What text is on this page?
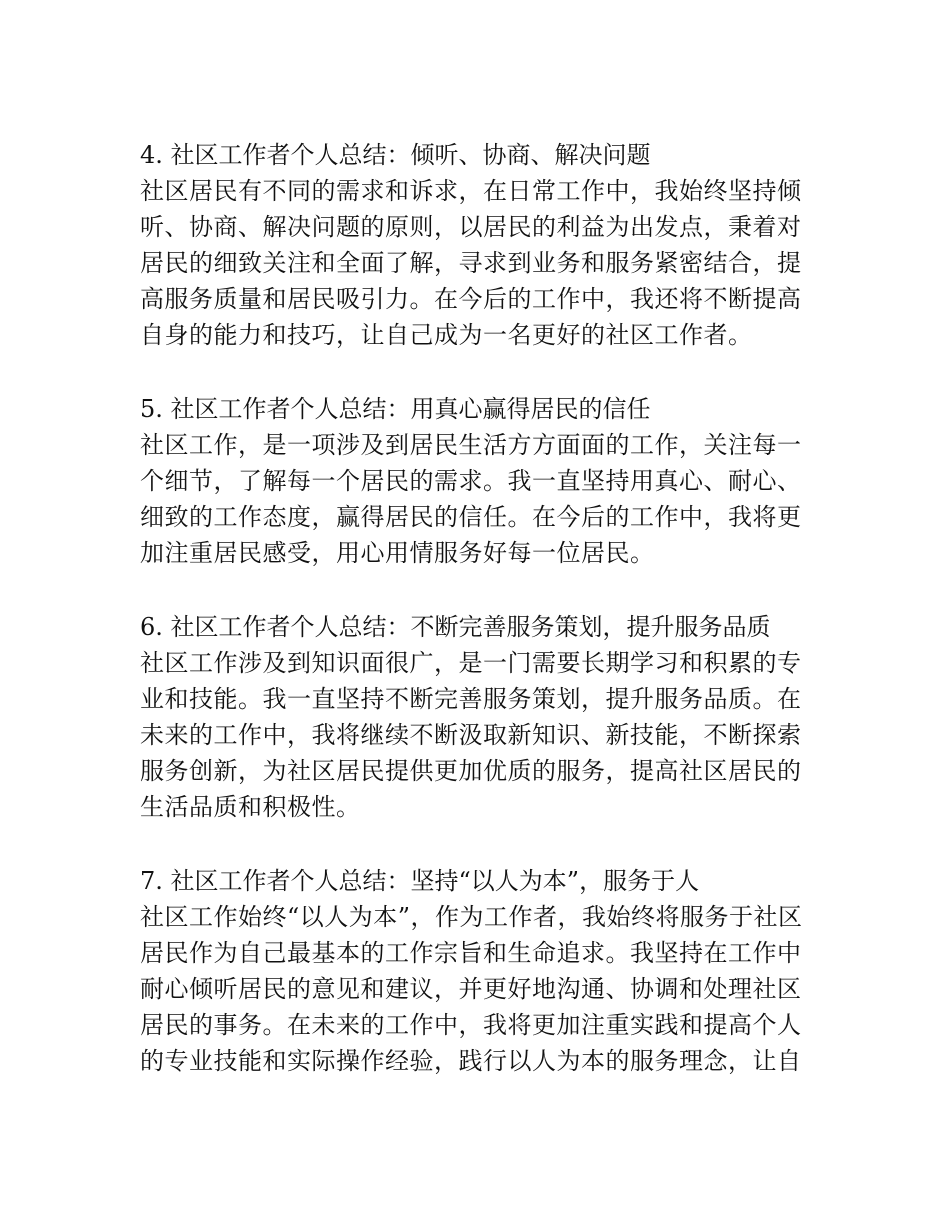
4. 社区工作者个人总结：倾听、协商、解决问题
社区居民有不同的需求和诉求，在日常工作中，我始终坚持倾
听、协商、解决问题的原则，以居民的利益为出发点，秉着对
居民的细致关注和全面了解，寻求到业务和服务紧密结合，提
高服务质量和居民吸引力。在今后的工作中，我还将不断提高
自身的能力和技巧，让自己成为一名更好的社区工作者。
5. 社区工作者个人总结：用真心赢得居民的信任
社区工作，是一项涉及到居民生活方方面面的工作，关注每一
个细节，了解每一个居民的需求。我一直坚持用真心、耐心、
细致的工作态度，赢得居民的信任。在今后的工作中，我将更
加注重居民感受，用心用情服务好每一位居民。
6. 社区工作者个人总结：不断完善服务策划，提升服务品质
社区工作涉及到知识面很广，是一门需要长期学习和积累的专
业和技能。我一直坚持不断完善服务策划，提升服务品质。在
未来的工作中，我将继续不断汲取新知识、新技能，不断探索
服务创新，为社区居民提供更加优质的服务，提高社区居民的
生活品质和积极性。
7. 社区工作者个人总结：坚持“以人为本”，服务于人
社区工作始终“以人为本”，作为工作者，我始终将服务于社区
居民作为自己最基本的工作宗旨和生命追求。我坚持在工作中
耐心倾听居民的意见和建议，并更好地沟通、协调和处理社区
居民的事务。在未来的工作中，我将更加注重实践和提高个人
的专业技能和实际操作经验，践行以人为本的服务理念，让自
